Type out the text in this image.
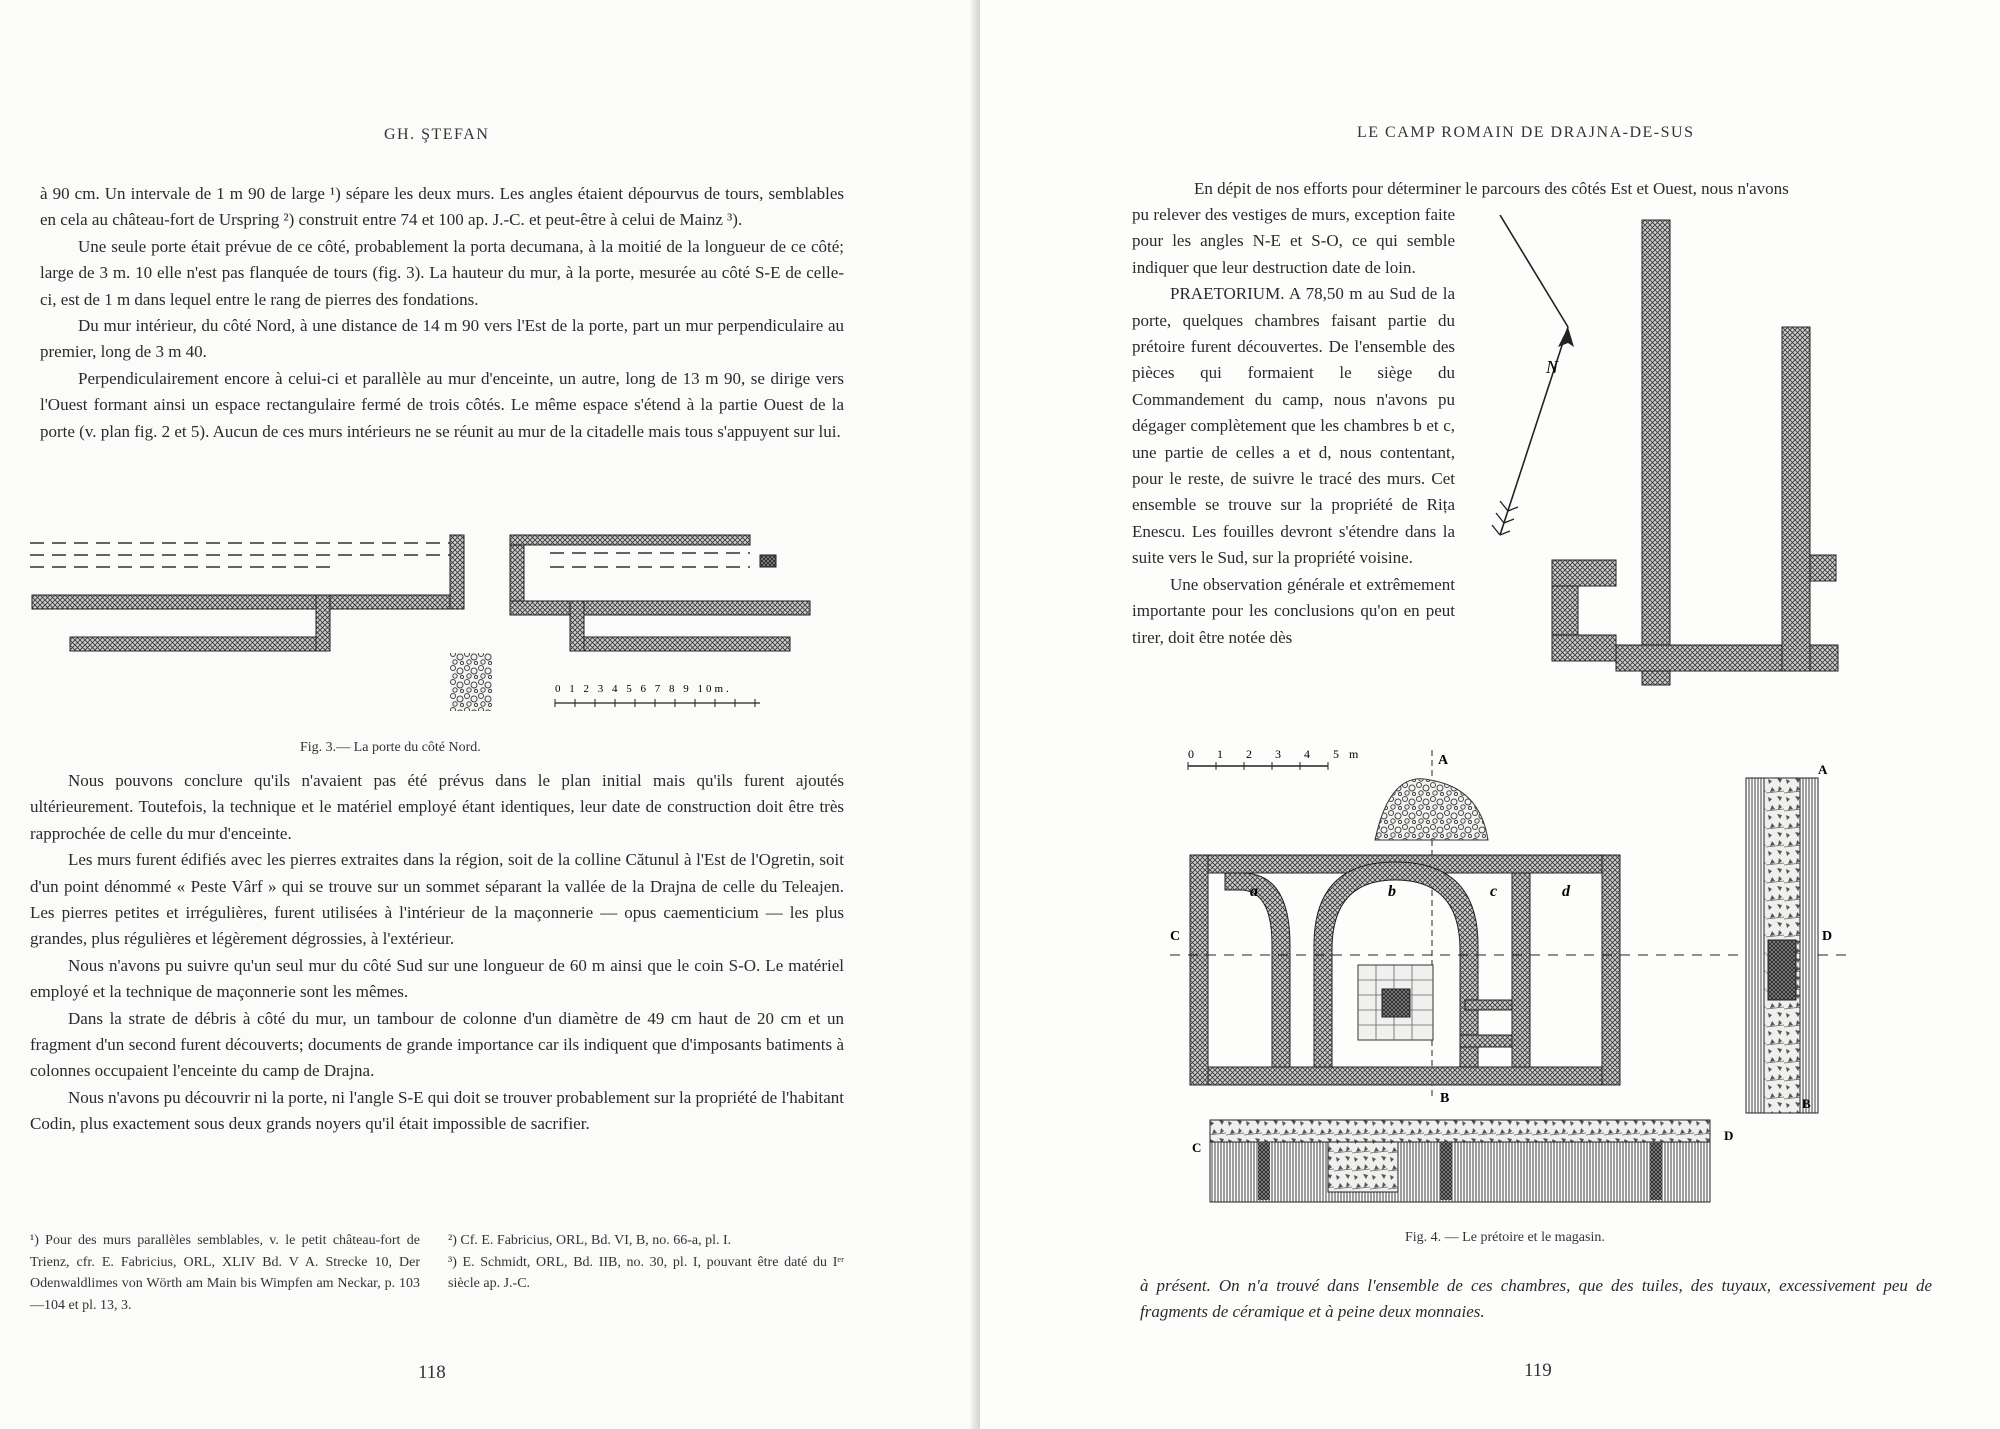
GH. ŞTEFAN

à 90 cm. Un intervale de 1 m 90 de large ¹) sépare les deux murs. Les angles étaient dépourvus de tours, semblables en cela au château-fort de Urspring ²) construit entre 74 et 100 ap. J.-C. et peut-être à celui de Mainz ³).

Une seule porte était prévue de ce côté, probablement la porta decumana, à la moitié de la longueur de ce côté; large de 3 m. 10 elle n'est pas flanquée de tours (fig. 3). La hauteur du mur, à la porte, mesurée au côté S-E de celle-ci, est de 1 m dans lequel entre le rang de pierres des fondations.

Du mur intérieur, du côté Nord, à une distance de 14 m 90 vers l'Est de la porte, part un mur perpendiculaire au premier, long de 3 m 40.

Perpendiculairement encore à celui-ci et parallèle au mur d'enceinte, un autre, long de 13 m 90, se dirige vers l'Ouest formant ainsi un espace rectangulaire fermé de trois côtés. Le même espace s'étend à la partie Ouest de la porte (v. plan fig. 2 et 5). Aucun de ces murs intérieurs ne se réunit au mur de la citadelle mais tous s'appuyent sur lui.

0 1 2 3 4 5 6 7 8 9 10m.
Fig. 3.— La porte du côté Nord.

Nous pouvons conclure qu'ils n'avaient pas été prévus dans le plan initial mais qu'ils furent ajoutés ultérieurement. Toutefois, la technique et le matériel employé étant identiques, leur date de construction doit être très rapprochée de celle du mur d'enceinte.

Les murs furent édifiés avec les pierres extraites dans la région, soit de la colline Cătunul à l'Est de l'Ogretin, soit d'un point dénommé « Peste Vârf » qui se trouve sur un sommet séparant la vallée de la Drajna de celle du Teleajen. Les pierres petites et irrégulières, furent utilisées à l'intérieur de la maçonnerie — opus caementicium — les plus grandes, plus régulières et légèrement dégrossies, à l'extérieur.

Nous n'avons pu suivre qu'un seul mur du côté Sud sur une longueur de 60 m ainsi que le coin S-O. Le matériel employé et la technique de maçonnerie sont les mêmes.

Dans la strate de débris à côté du mur, un tambour de colonne d'un diamètre de 49 cm haut de 20 cm et un fragment d'un second furent découverts; documents de grande importance car ils indiquent que d'imposants batiments à colonnes occupaient l'enceinte du camp de Drajna.

Nous n'avons pu découvrir ni la porte, ni l'angle S-E qui doit se trouver probablement sur la propriété de l'habitant Codin, plus exactement sous deux grands noyers qu'il était impossible de sacrifier.

¹) Pour des murs parallèles semblables, v. le petit château-fort de Trienz, cfr. E. Fabricius, ORL, XLIV Bd. V A. Strecke 10, Der Odenwaldlimes von Wörth am Main bis Wimpfen am Neckar, p. 103—104 et pl. 13, 3.

²) Cf. E. Fabricius, ORL, Bd. VI, B, no. 66-a, pl. I.

³) E. Schmidt, ORL, Bd. IIB, no. 30, pl. I, pouvant être daté du Iᵉʳ siècle ap. J.-C.

118
LE CAMP ROMAIN DE DRAJNA-DE-SUS
En dépit de nos efforts pour déterminer le parcours des côtés Est et Ouest, nous n'avons

pu relever des vestiges de murs, exception faite pour les angles N-E et S-O, ce qui semble indiquer que leur destruction date de loin.

PRAETORIUM. A 78,50 m au Sud de la porte, quelques chambres faisant partie du prétoire furent découvertes. De l'ensemble des pièces qui formaient le siège du Commandement du camp, nous n'avons pu dégager complètement que les chambres b et c, une partie de celles a et d, nous contentant, pour le reste, de suivre le tracé des murs. Cet ensemble se trouve sur la propriété de Rița Enescu. Les fouilles devront s'étendre dans la suite vers le Sud, sur la propriété voisine.

Une observation générale et extrêmement importante pour les conclusions qu'on en peut tirer, doit être notée dès

N
0 1 2 3 4 5m	A
a	b	c	d
C	D
B
A
B
C
D
Fig. 4. — Le prétoire et le magasin.

à présent. On n'a trouvé dans l'ensemble de ces chambres, que des tuiles, des tuyaux, excessivement peu de fragments de céramique et à peine deux monnaies.

119
